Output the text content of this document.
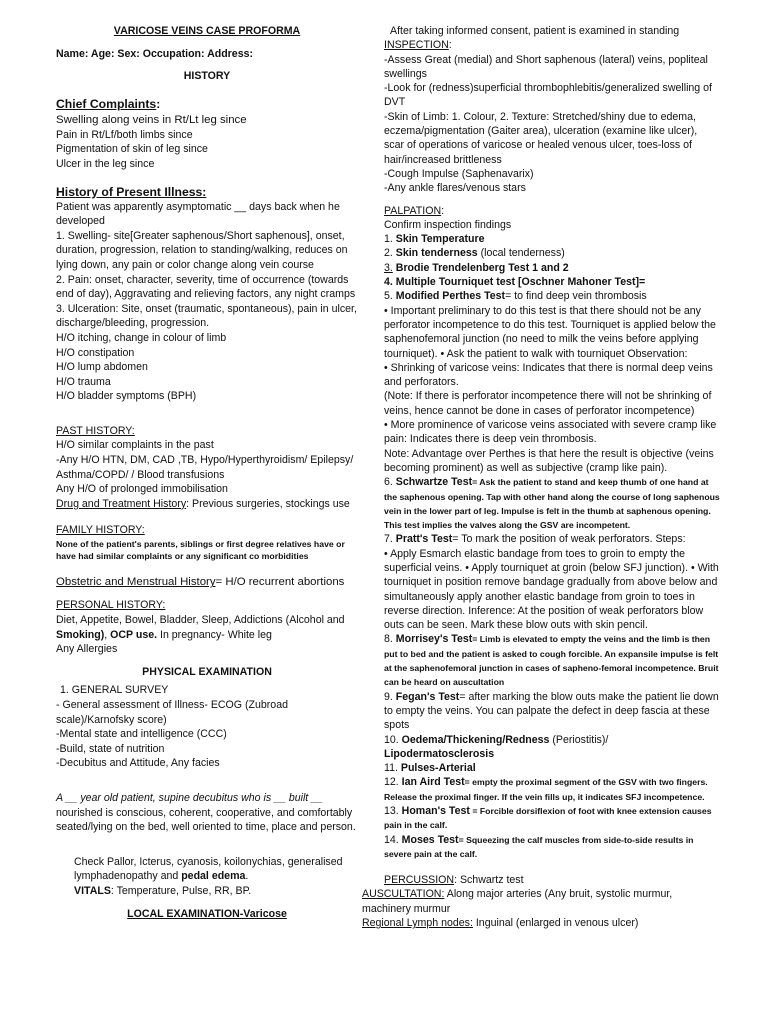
VARICOSE VEINS CASE PROFORMA
Name: Age: Sex: Occupation: Address:
HISTORY
Chief Complaints:
Swelling along veins in Rt/Lt leg since
Pain in Rt/Lf/both limbs since
Pigmentation of skin of leg since
Ulcer in the leg since
History of Present Illness:
Patient was apparently asymptomatic __ days back when he developed
1. Swelling- site[Greater saphenous/Short saphenous], onset, duration, progression, relation to standing/walking, reduces on lying down, any pain or color change along vein course
2. Pain: onset, character, severity, time of occurrence (towards end of day), Aggravating and relieving factors, any night cramps
3. Ulceration: Site, onset (traumatic, spontaneous), pain in ulcer, discharge/bleeding, progression.
H/O itching, change in colour of limb
H/O constipation
H/O lump abdomen
H/O trauma
H/O bladder symptoms (BPH)
PAST HISTORY:
H/O similar complaints in the past
-Any H/O HTN, DM, CAD ,TB, Hypo/Hyperthyroidism/ Epilepsy/ Asthma/COPD/ / Blood transfusions
Any H/O of prolonged immobilisation
Drug and Treatment History: Previous surgeries, stockings use
FAMILY HISTORY:
None of the patient's parents, siblings or first degree relatives have or have had similar complaints or any significant co morbidities
Obstetric and Menstrual History= H/O recurrent abortions
PERSONAL HISTORY:
Diet, Appetite, Bowel, Bladder, Sleep, Addictions (Alcohol and
Smoking), OCP use. In pregnancy- White leg
Any Allergies
PHYSICAL EXAMINATION
1. GENERAL SURVEY
- General assessment of Illness- ECOG (Zubroad scale)/Karnofsky score)
-Mental state and intelligence (CCC)
-Build, state of nutrition
-Decubitus and Attitude, Any facies
A __ year old patient, supine decubitus who is __ built __ nourished is conscious, coherent, cooperative, and comfortably seated/lying on the bed, well oriented to time, place and person.
Check Pallor, Icterus, cyanosis, koilonychias, generalised lymphadenopathy and pedal edema.
VITALS: Temperature, Pulse, RR, BP.
LOCAL EXAMINATION-Varicose
After taking informed consent, patient is examined in standing
INSPECTION:
-Assess Great (medial) and Short saphenous (lateral) veins, popliteal swellings
-Look for (redness)superficial thrombophlebitis/generalized swelling of DVT
-Skin of Limb: 1. Colour, 2. Texture: Stretched/shiny due to edema, eczema/pigmentation (Gaiter area), ulceration (examine like ulcer), scar of operations of varicose or healed venous ulcer, toes-loss of hair/increased brittleness
-Cough Impulse (Saphenavarix)
-Any ankle flares/venous stars
PALPATION:
Confirm inspection findings
1. Skin Temperature
2. Skin tenderness (local tenderness)
3. Brodie Trendelenberg Test 1 and 2
4. Multiple Tourniquet test [Oschner Mahoner Test]=
5. Modified Perthes Test= to find deep vein thrombosis
• Important preliminary to do this test is that there should not be any perforator incompetence to do this test. Tourniquet is applied below the saphenofemoral junction (no need to milk the veins before applying tourniquet). • Ask the patient to walk with tourniquet Observation:
• Shrinking of varicose veins: Indicates that there is normal deep veins and perforators.
(Note: If there is perforator incompetence there will not be shrinking of veins, hence cannot be done in cases of perforator incompetence)
• More prominence of varicose veins associated with severe cramp like pain: Indicates there is deep vein thrombosis.
Note: Advantage over Perthes is that here the result is objective (veins becoming prominent) as well as subjective (cramp like pain).
6. Schwartze Test= Ask the patient to stand and keep thumb of one hand at the saphenous opening. Tap with other hand along the course of long saphenous vein in the lower part of leg. Impulse is felt in the thumb at saphenous opening. This test implies the valves along the GSV are incompetent.
7. Pratt's Test= To mark the position of weak perforators. Steps:
• Apply Esmarch elastic bandage from toes to groin to empty the superficial veins. • Apply tourniquet at groin (below SFJ junction). • With tourniquet in position remove bandage gradually from above below and simultaneously apply another elastic bandage from groin to toes in reverse direction. Inference: At the position of weak perforators blow outs can be seen. Mark these blow outs with skin pencil.
8. Morrisey's Test= Limb is elevated to empty the veins and the limb is then put to bed and the patient is asked to cough forcible. An expansile impulse is felt at the saphenofemoral junction in cases of sapheno-femoral incompetence. Bruit can be heard on auscultation
9. Fegan's Test= after marking the blow outs make the patient lie down to empty the veins. You can palpate the defect in deep fascia at these spots
10. Oedema/Thickening/Redness (Periostitis)/ Lipodermatosclerosis
11. Pulses-Arterial
12. Ian Aird Test= empty the proximal segment of the GSV with two fingers. Release the proximal finger. If the vein fills up, it indicates SFJ incompetence.
13. Homan's Test = Forcible dorsiflexion of foot with knee extension causes pain in the calf.
14. Moses Test= Squeezing the calf muscles from side-to-side results in severe pain at the calf.
PERCUSSION: Schwartz test
AUSCULTATION: Along major arteries (Any bruit, systolic murmur, machinery murmur
Regional Lymph nodes: Inguinal (enlarged in venous ulcer)
